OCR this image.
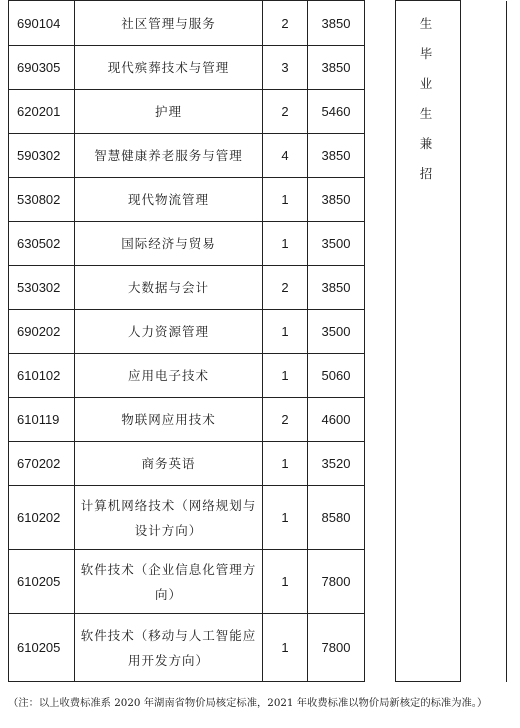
690104	社区管理与服务	2	3850		生毕业生兼招	
690305	现代殡葬技术与管理	3	3850			
620201	护理	2	5460			
590302	智慧健康养老服务与管理	4	3850			
530802	现代物流管理	1	3850			
630502	国际经济与贸易	1	3500			
530302	大数据与会计	2	3850			
690202	人力资源管理	1	3500			
610102	应用电子技术	1	5060			
610119	物联网应用技术	2	4600			
670202	商务英语	1	3520			
610202	计算机网络技术（网络规划与设计方向）	1	8580			
610205	软件技术（企业信息化管理方向）	1	7800			
610205	软件技术（移动与人工智能应用开发方向）	1	7800			
（注：以上收费标准系 2020 年湖南省物价局核定标准，2021 年收费标准以物价局新核定的标准为准。）
